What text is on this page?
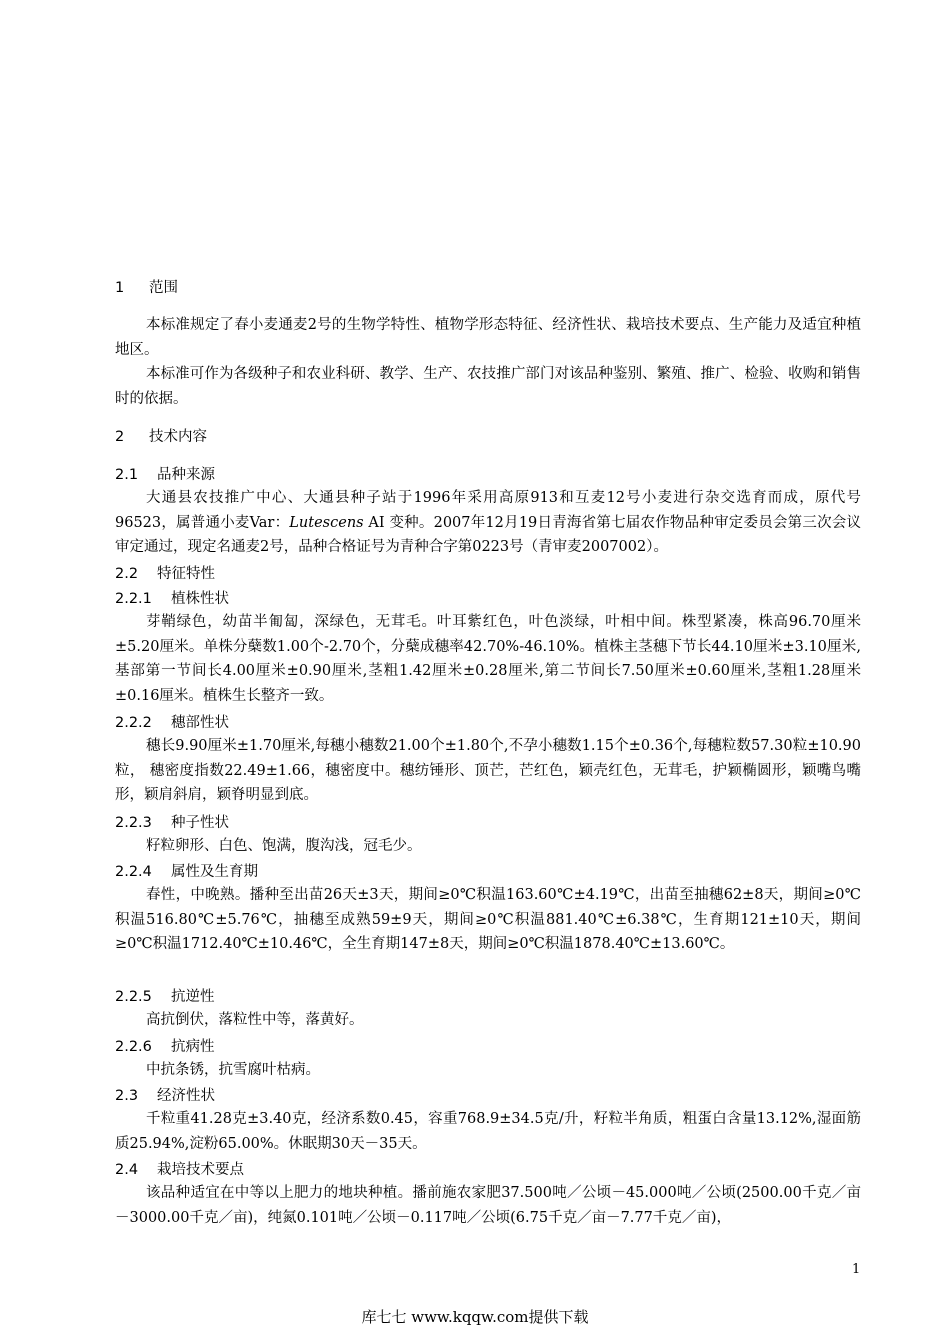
1 范围

本标准规定了春小麦通麦2号的生物学特性、植物学形态特征、经济性状、栽培技术要点、生产能力及适宜种植地区。

本标准可作为各级种子和农业科研、教学、生产、农技推广部门对该品种鉴别、繁殖、推广、检验、收购和销售时的依据。

2 技术内容
2.1 品种来源

大通县农技推广中心、大通县种子站于1996年采用高原913和互麦12号小麦进行杂交选育而成，原代号96523，属普通小麦Var：Lutescens AI 变种。2007年12月19日青海省第七届农作物品种审定委员会第三次会议审定通过，现定名通麦2号，品种合格证号为青种合字第0223号（青审麦2007002）。

2.2 特征特性
2.2.1 植株性状

芽鞘绿色，幼苗半匍匐，深绿色，无茸毛。叶耳紫红色，叶色淡绿，叶相中间。株型紧凑，株高96.70厘米±5.20厘米。单株分蘖数1.00个-2.70个，分蘖成穗率42.70%-46.10%。植株主茎穗下节长44.10厘米±3.10厘米,基部第一节间长4.00厘米±0.90厘米,茎粗1.42厘米±0.28厘米,第二节间长7.50厘米±0.60厘米,茎粗1.28厘米±0.16厘米。植株生长整齐一致。

2.2.2 穗部性状

穗长9.90厘米±1.70厘米,每穗小穗数21.00个±1.80个,不孕小穗数1.15个±0.36个,每穗粒数57.30粒±10.90粒， 穗密度指数22.49±1.66，穗密度中。穗纺锤形、顶芒，芒红色，颖壳红色，无茸毛，护颖椭圆形，颖嘴鸟嘴形，颖肩斜肩，颖脊明显到底。

2.2.3 种子性状

籽粒卵形、白色、饱满，腹沟浅，冠毛少。

2.2.4 属性及生育期

春性，中晚熟。播种至出苗26天±3天，期间≥0℃积温163.60℃±4.19℃，出苗至抽穗62±8天，期间≥0℃积温516.80℃±5.76℃，抽穗至成熟59±9天，期间≥0℃积温881.40℃±6.38℃，生育期121±10天，期间≥0℃积温1712.40℃±10.46℃，全生育期147±8天，期间≥0℃积温1878.40℃±13.60℃。

2.2.5 抗逆性

高抗倒伏，落粒性中等，落黄好。

2.2.6 抗病性

中抗条锈，抗雪腐叶枯病。

2.3 经济性状

千粒重41.28克±3.40克，经济系数0.45，容重768.9±34.5克/升，籽粒半角质，粗蛋白含量13.12%,湿面筋质25.94%,淀粉65.00%。休眠期30天－35天。

2.4 栽培技术要点

该品种适宜在中等以上肥力的地块种植。播前施农家肥37.500吨／公顷－45.000吨／公顷(2500.00千克／亩－3000.00千克／亩)，纯氮0.101吨／公顷－0.117吨／公顷(6.75千克／亩－7.77千克／亩)，

1
库七七 www.kqqw.com提供下载
